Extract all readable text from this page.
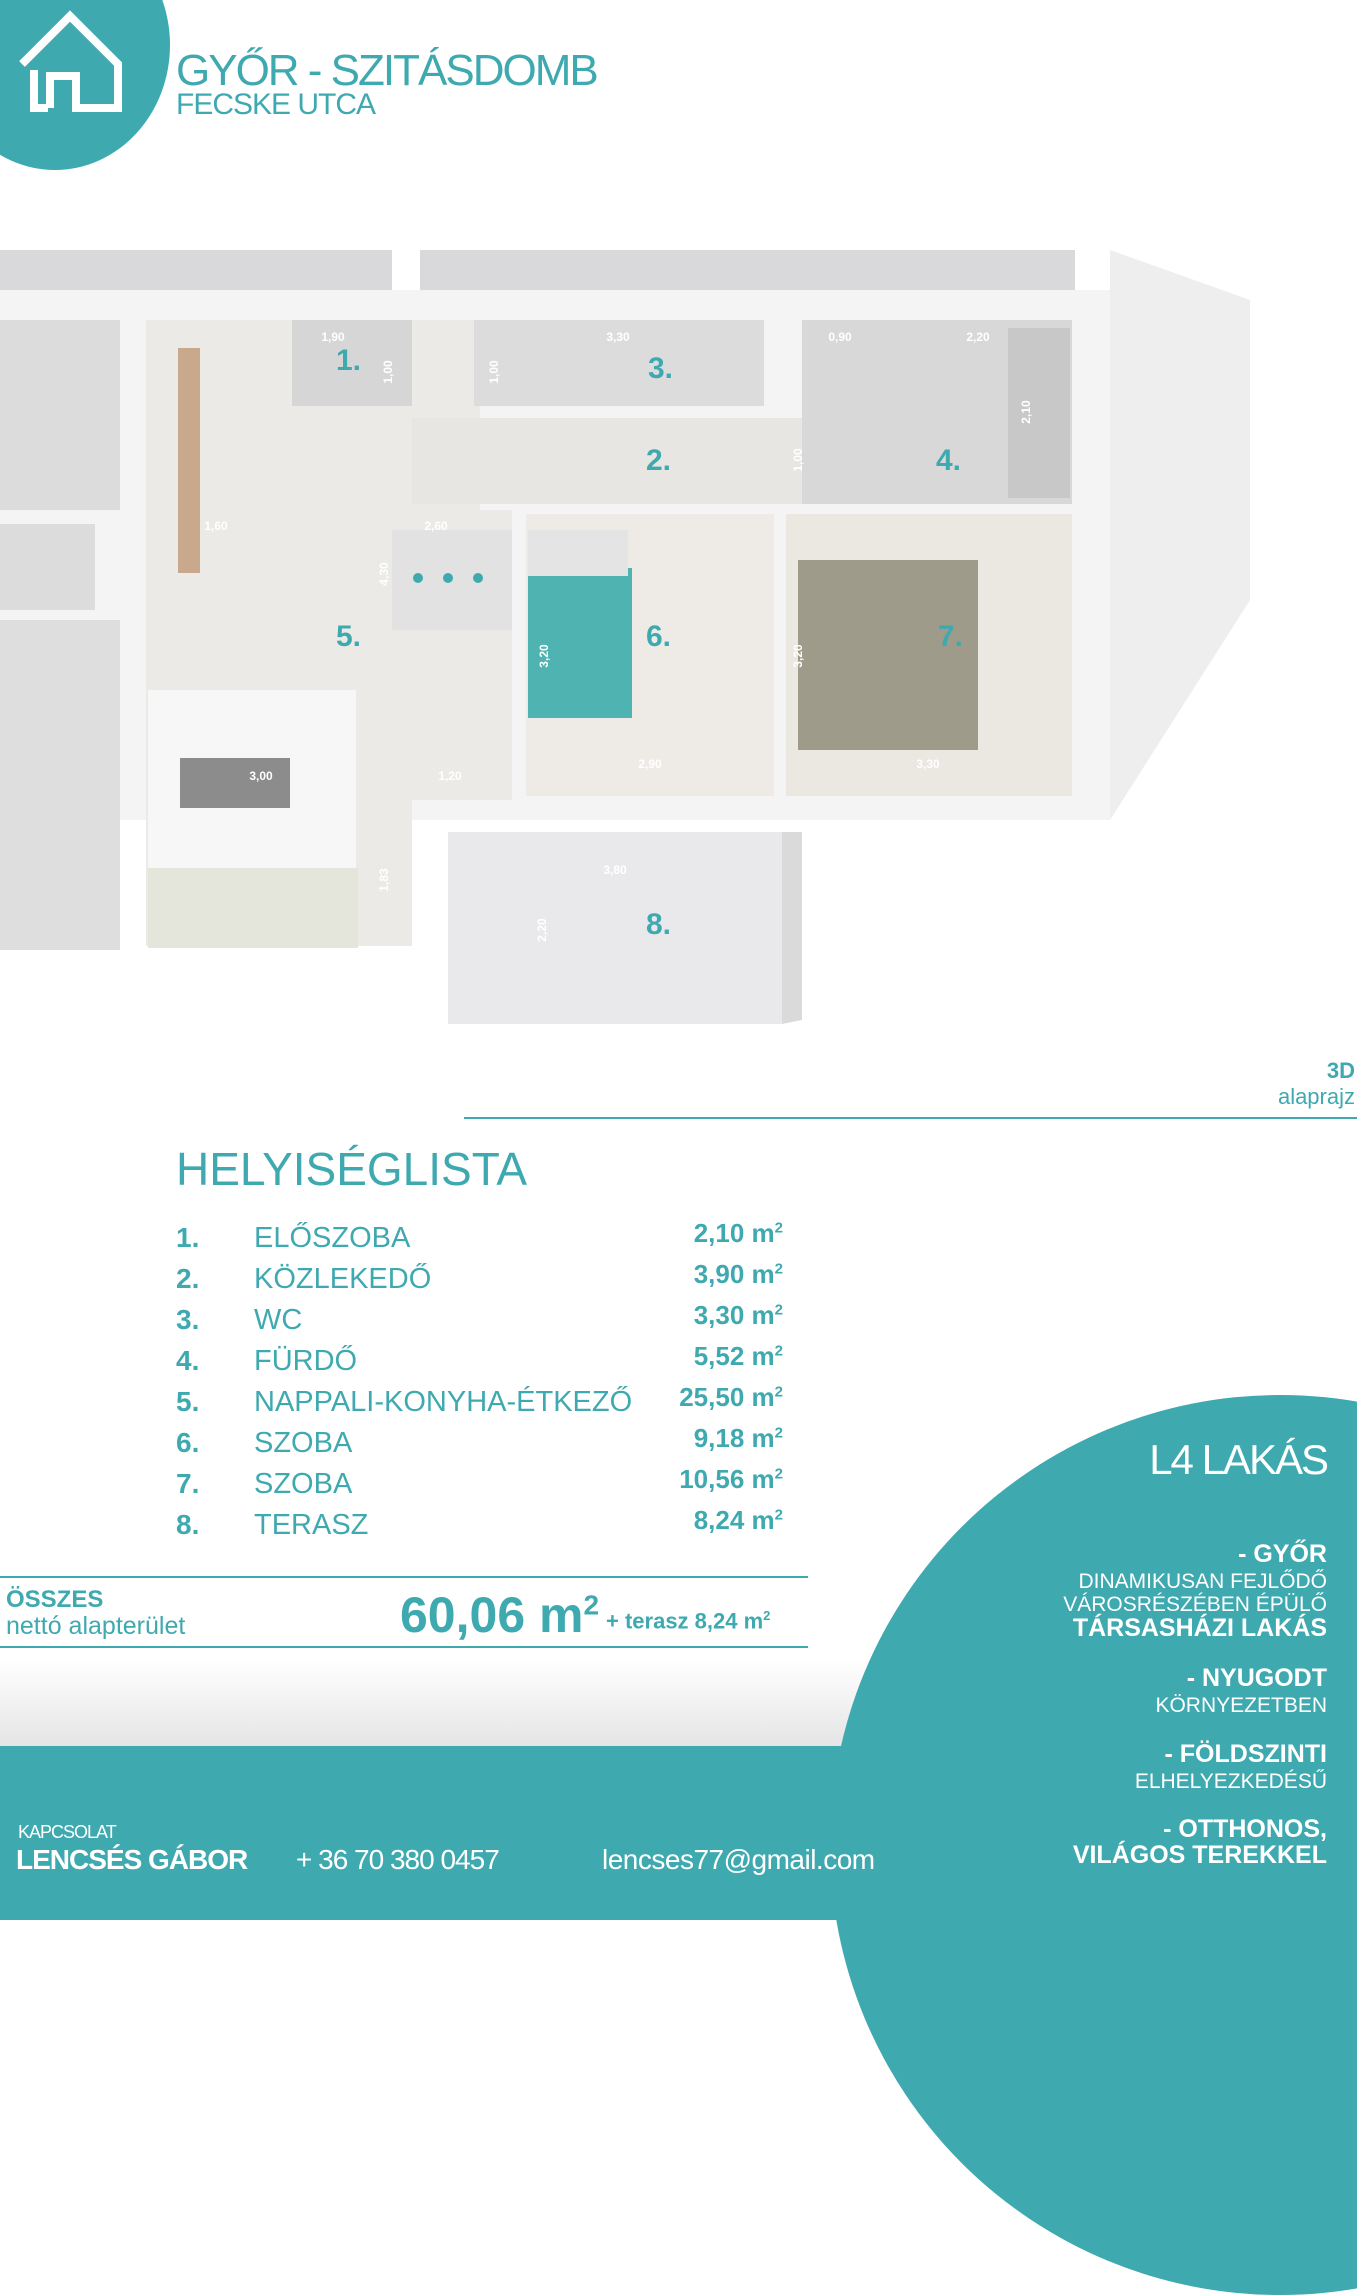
GYŐR - SZITÁSDOMB
FECSKE UTCA
1,90	3,30	0,90	2,20
1,60	2,60
3,00	1,20
2,90	3,30
3,80
1,00	1,00
1,00
2,10
4,30
3,20	3,20
1,83
2,20
1.
2.
3.
4.
5.	6.	7.
8.
3D
alaprajz
HELYISÉGLISTA
1. ELŐSZOBA	2,10 $m^2$
2. KÖZLEKEDŐ	3,90 $m^2$
3. WC	3,30 $m^2$
4. FÜRDŐ	5,52 $m^2$
5. NAPPALI-KONYHA-ÉTKEZŐ	25,50 $m^2$
6. SZOBA	9,18 $m^2$
7. SZOBA	10,56 $m^2$
8. TERASZ	8,24 $m^2$
ÖSSZES
nettó alapterület	60,06 $m^2$
+ terasz 8,24 $m^2$
L4 LAKÁS
- GYŐR
DINAMIKUSAN FEJLŐDŐ
VÁROSRÉSZÉBEN ÉPÜLŐ
TÁRSASHÁZI LAKÁS
- NYUGODT
KÖRNYEZETBEN
- FÖLDSZINTI
ELHELYEZKEDÉSŰ
- OTTHONOS,
VILÁGOS TEREKKEL
KAPCSOLAT
LENCSÉS GÁBOR + 36 70 380 0457	lencses77@gmail.com
